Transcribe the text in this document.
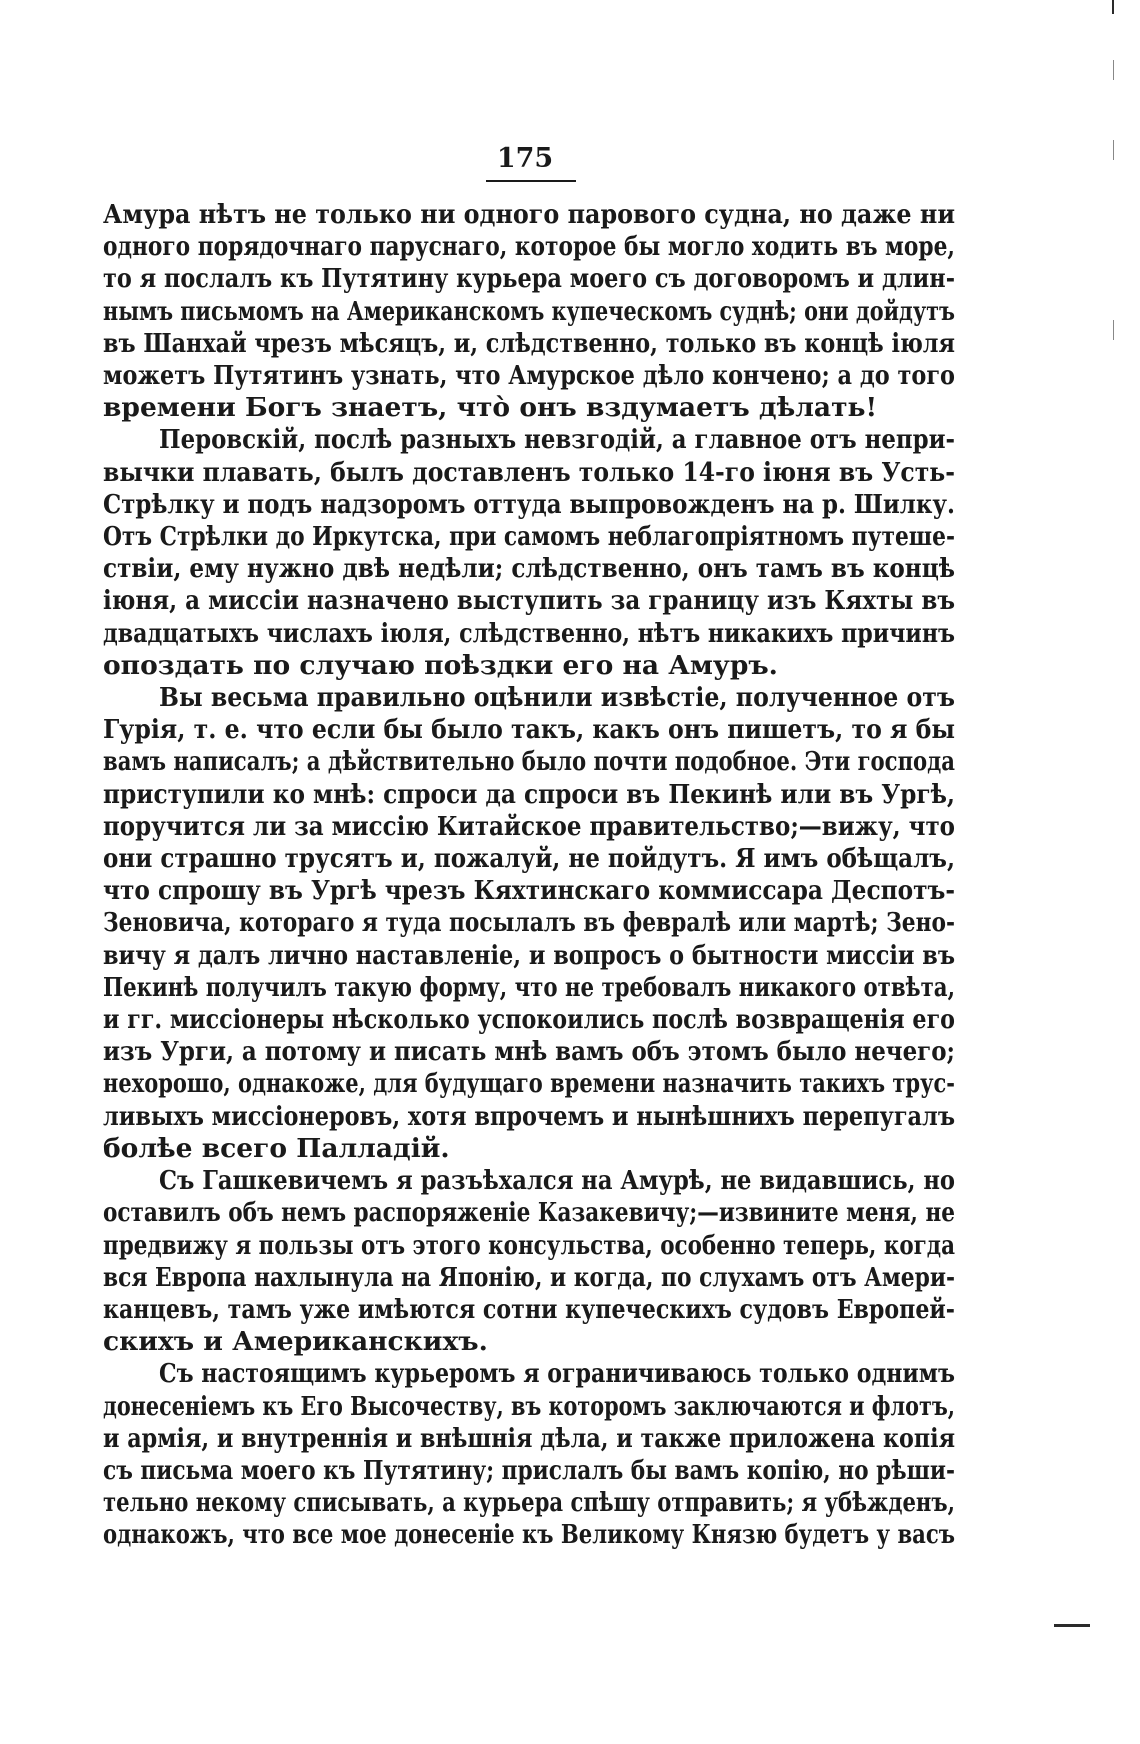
175
Амура нѣтъ не только ни одного парового судна, но даже ни
одного порядочнаго паруснаго, которое бы могло ходить въ море,
то я послалъ къ Путятину курьера моего съ договоромъ и длин-
нымъ письмомъ на Американскомъ купеческомъ суднѣ; они дойдутъ
въ Шанхай чрезъ мѣсяцъ, и, слѣдственно, только въ концѣ iюля
можетъ Путятинъ узнать, что Амурское дѣло кончено; а до того
времени Богъ знаетъ, что̀ онъ вздумаетъ дѣлать!
Перовскій, послѣ разныхъ невзгодій, а главное отъ непри-
вычки плавать, былъ доставленъ только 14-го iюня въ Усть-
Стрѣлку и подъ надзоромъ оттуда выпровожденъ на р. Шилку.
Отъ Стрѣлки до Иркутска, при самомъ неблагопріятномъ путеше-
ствіи, ему нужно двѣ недѣли; слѣдственно, онъ тамъ въ концѣ
iюня, а миссіи назначено выступить за границу изъ Кяхты въ
двадцатыхъ числахъ iюля, слѣдственно, нѣтъ никакихъ причинъ
опоздать по случаю поѣздки его на Амуръ.
Вы весьма правильно оцѣнили извѣстіе, полученное отъ
Гурія, т. е. что если бы было такъ, какъ онъ пишетъ, то я бы
вамъ написалъ; а дѣйствительно было почти подобное. Эти господа
приступили ко мнѣ: спроси да спроси въ Пекинѣ или въ Ургѣ,
поручится ли за миссію Китайское правительство;—вижу, что
они страшно трусятъ и, пожалуй, не пойдутъ. Я имъ обѣщалъ,
что спрошу въ Ургѣ чрезъ Кяхтинскаго коммиссара Деспотъ-
Зеновича, котораго я туда посылалъ въ февралѣ или мартѣ; Зено-
вичу я далъ лично наставленіе, и вопросъ о бытности миссіи въ
Пекинѣ получилъ такую форму, что не требовалъ никакого отвѣта,
и гг. миссіонеры нѣсколько успокоились послѣ возвращенія его
изъ Урги, а потому и писать мнѣ вамъ объ этомъ было нечего;
нехорошо, однакоже, для будущаго времени назначить такихъ трус-
ливыхъ миссіонеровъ, хотя впрочемъ и нынѣшнихъ перепугалъ
болѣе всего Палладій.
Съ Гашкевичемъ я разъѣхался на Амурѣ, не видавшись, но
оставилъ объ немъ распоряженіе Казакевичу;—извините меня, не
предвижу я пользы отъ этого консульства, особенно теперь, когда
вся Европа нахлынула на Японію, и когда, по слухамъ отъ Амери-
канцевъ, тамъ уже имѣются сотни купеческихъ судовъ Европей-
скихъ и Американскихъ.
Съ настоящимъ курьеромъ я ограничиваюсь только однимъ
донесеніемъ къ Его Высочеству, въ которомъ заключаются и флотъ,
и армія, и внутреннія и внѣшнія дѣла, и также приложена копія
съ письма моего къ Путятину; прислалъ бы вамъ копію, но рѣши-
тельно некому списывать, а курьера спѣшу отправить; я убѣжденъ,
однакожъ, что все мое донесеніе къ Великому Князю будетъ у васъ
